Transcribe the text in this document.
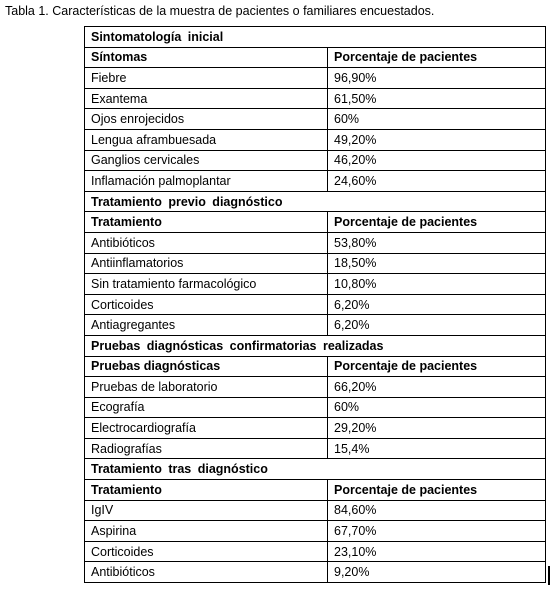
Tabla 1. Características de la muestra de pacientes o familiares encuestados.
Sintomatología inicial	
Síntomas	Porcentaje de pacientes
Fiebre	96,90%
Exantema	61,50%
Ojos enrojecidos	60%
Lengua aframbuesada	49,20%
Ganglios cervicales	46,20%
Inflamación palmoplantar	24,60%
Tratamiento previo diagnóstico	
Tratamiento	Porcentaje de pacientes
Antibióticos	53,80%
Antiinflamatorios	18,50%
Sin tratamiento farmacológico	10,80%
Corticoides	6,20%
Antiagregantes	6,20%
Pruebas diagnósticas confirmatorias realizadas	
Pruebas diagnósticas	Porcentaje de pacientes
Pruebas de laboratorio	66,20%
Ecografía	60%
Electrocardiografía	29,20%
Radiografías	15,4%
Tratamiento tras diagnóstico	
Tratamiento	Porcentaje de pacientes
IgIV	84,60%
Aspirina	67,70%
Corticoides	23,10%
Antibióticos	9,20%
